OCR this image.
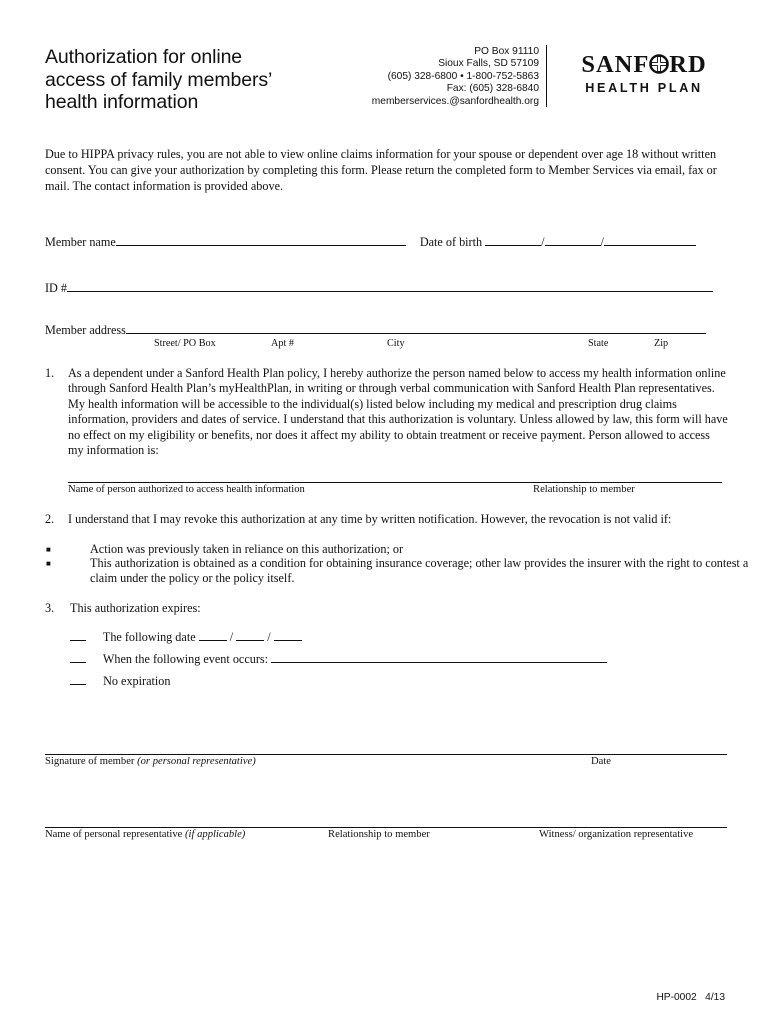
Authorization for online
access of family members’
health information
PO Box 91110
Sioux Falls, SD 57109
(605) 328-6800 • 1-800-752-5863
Fax: (605) 328-6840
memberservices.@sanfordhealth.org
SANF RD
HEALTH PLAN
Due to HIPPA privacy rules, you are not able to view online claims information for your spouse or dependent over age 18 without written consent. You can give your authorization by completing this form. Please return the completed form to Member Services via email, fax or mail. The contact information is provided above.
Member name	Date of birth	/	/
ID #
Member address
Street/ PO Box	Apt #	City	State	Zip
1. As a dependent under a Sanford Health Plan policy, I hereby authorize the person named below to access my health information online through Sanford Health Plan’s myHealthPlan, in writing or through verbal communication with Sanford Health Plan representatives. My health information will be accessible to the individual(s) listed below including my medical and prescription drug claims information, providers and dates of service. I understand that this authorization is voluntary. Unless allowed by law, this form will have no effect on my eligibility or benefits, nor does it affect my ability to obtain treatment or receive payment. Person allowed to access my information is:
Name of person authorized to access health information	Relationship to member
2. I understand that I may revoke this authorization at any time by written notification. However, the revocation is not valid if:
■	Action was previously taken in reliance on this authorization; or
■	This authorization is obtained as a condition for obtaining insurance coverage; other law provides the insurer with the right to contest a claim under the policy or the policy itself.
3. This authorization expires:
The following date	/  /
When the following event occurs:
No expiration
Signature of member (or personal representative)	Date
Name of personal representative (if applicable)	Relationship to member	Witness/ organization representative
HP-0002 4/13
